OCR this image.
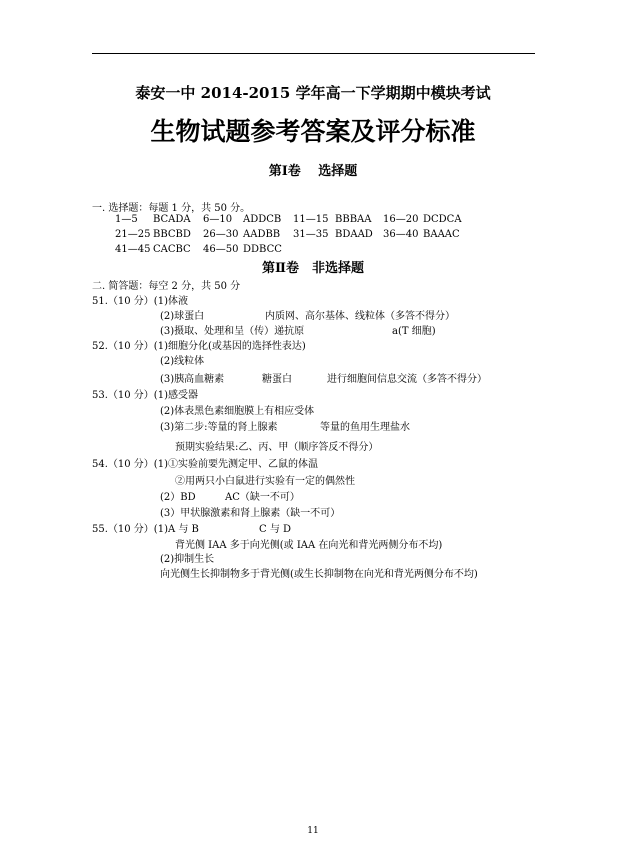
泰安一中 2014-2015 学年高一下学期期中模块考试
生物试题参考答案及评分标准
第Ⅰ卷　 选择题
一. 选择题：每题 1 分，共 50 分。
1—5 BCADA 6—10 ADDCB 11—15 BBBAA 16—20 DCDCA
21—25 BBCBD 26—30 AADBB 31—35 BDAAD 36—40 BAAAC
41—45 CACBC 46—50 DDBCC
第Ⅱ卷　非选择题
二. 简答题：每空 2 分，共 50 分
51.（10 分）(1)体液
(2)球蛋白	内质网、高尔基体、线粒体（多答不得分）
(3)摄取、处理和呈（传）递抗原	a(T 细胞)
52.（10 分）(1)细胞分化(或基因的选择性表达)
(2)线粒体
(3)胰高血糖素	糖蛋白	进行细胞间信息交流（多答不得分）
53.（10 分）(1)感受器
(2)体表黑色素细胞膜上有相应受体
(3)第二步:等量的肾上腺素	等量的鱼用生理盐水
预期实验结果:乙、丙、甲（顺序答反不得分）
54.（10 分）(1)①实验前要先测定甲、乙鼠的体温
②用两只小白鼠进行实验有一定的偶然性
(2）BD	AC（缺一不可）
(3）甲状腺激素和肾上腺素（缺一不可）
55.（10 分）(1)A 与 B	C 与 D
背光侧 IAA 多于向光侧(或 IAA 在向光和背光两侧分布不均)
(2)抑制生长
向光侧生长抑制物多于背光侧(或生长抑制物在向光和背光两侧分布不均)
11
